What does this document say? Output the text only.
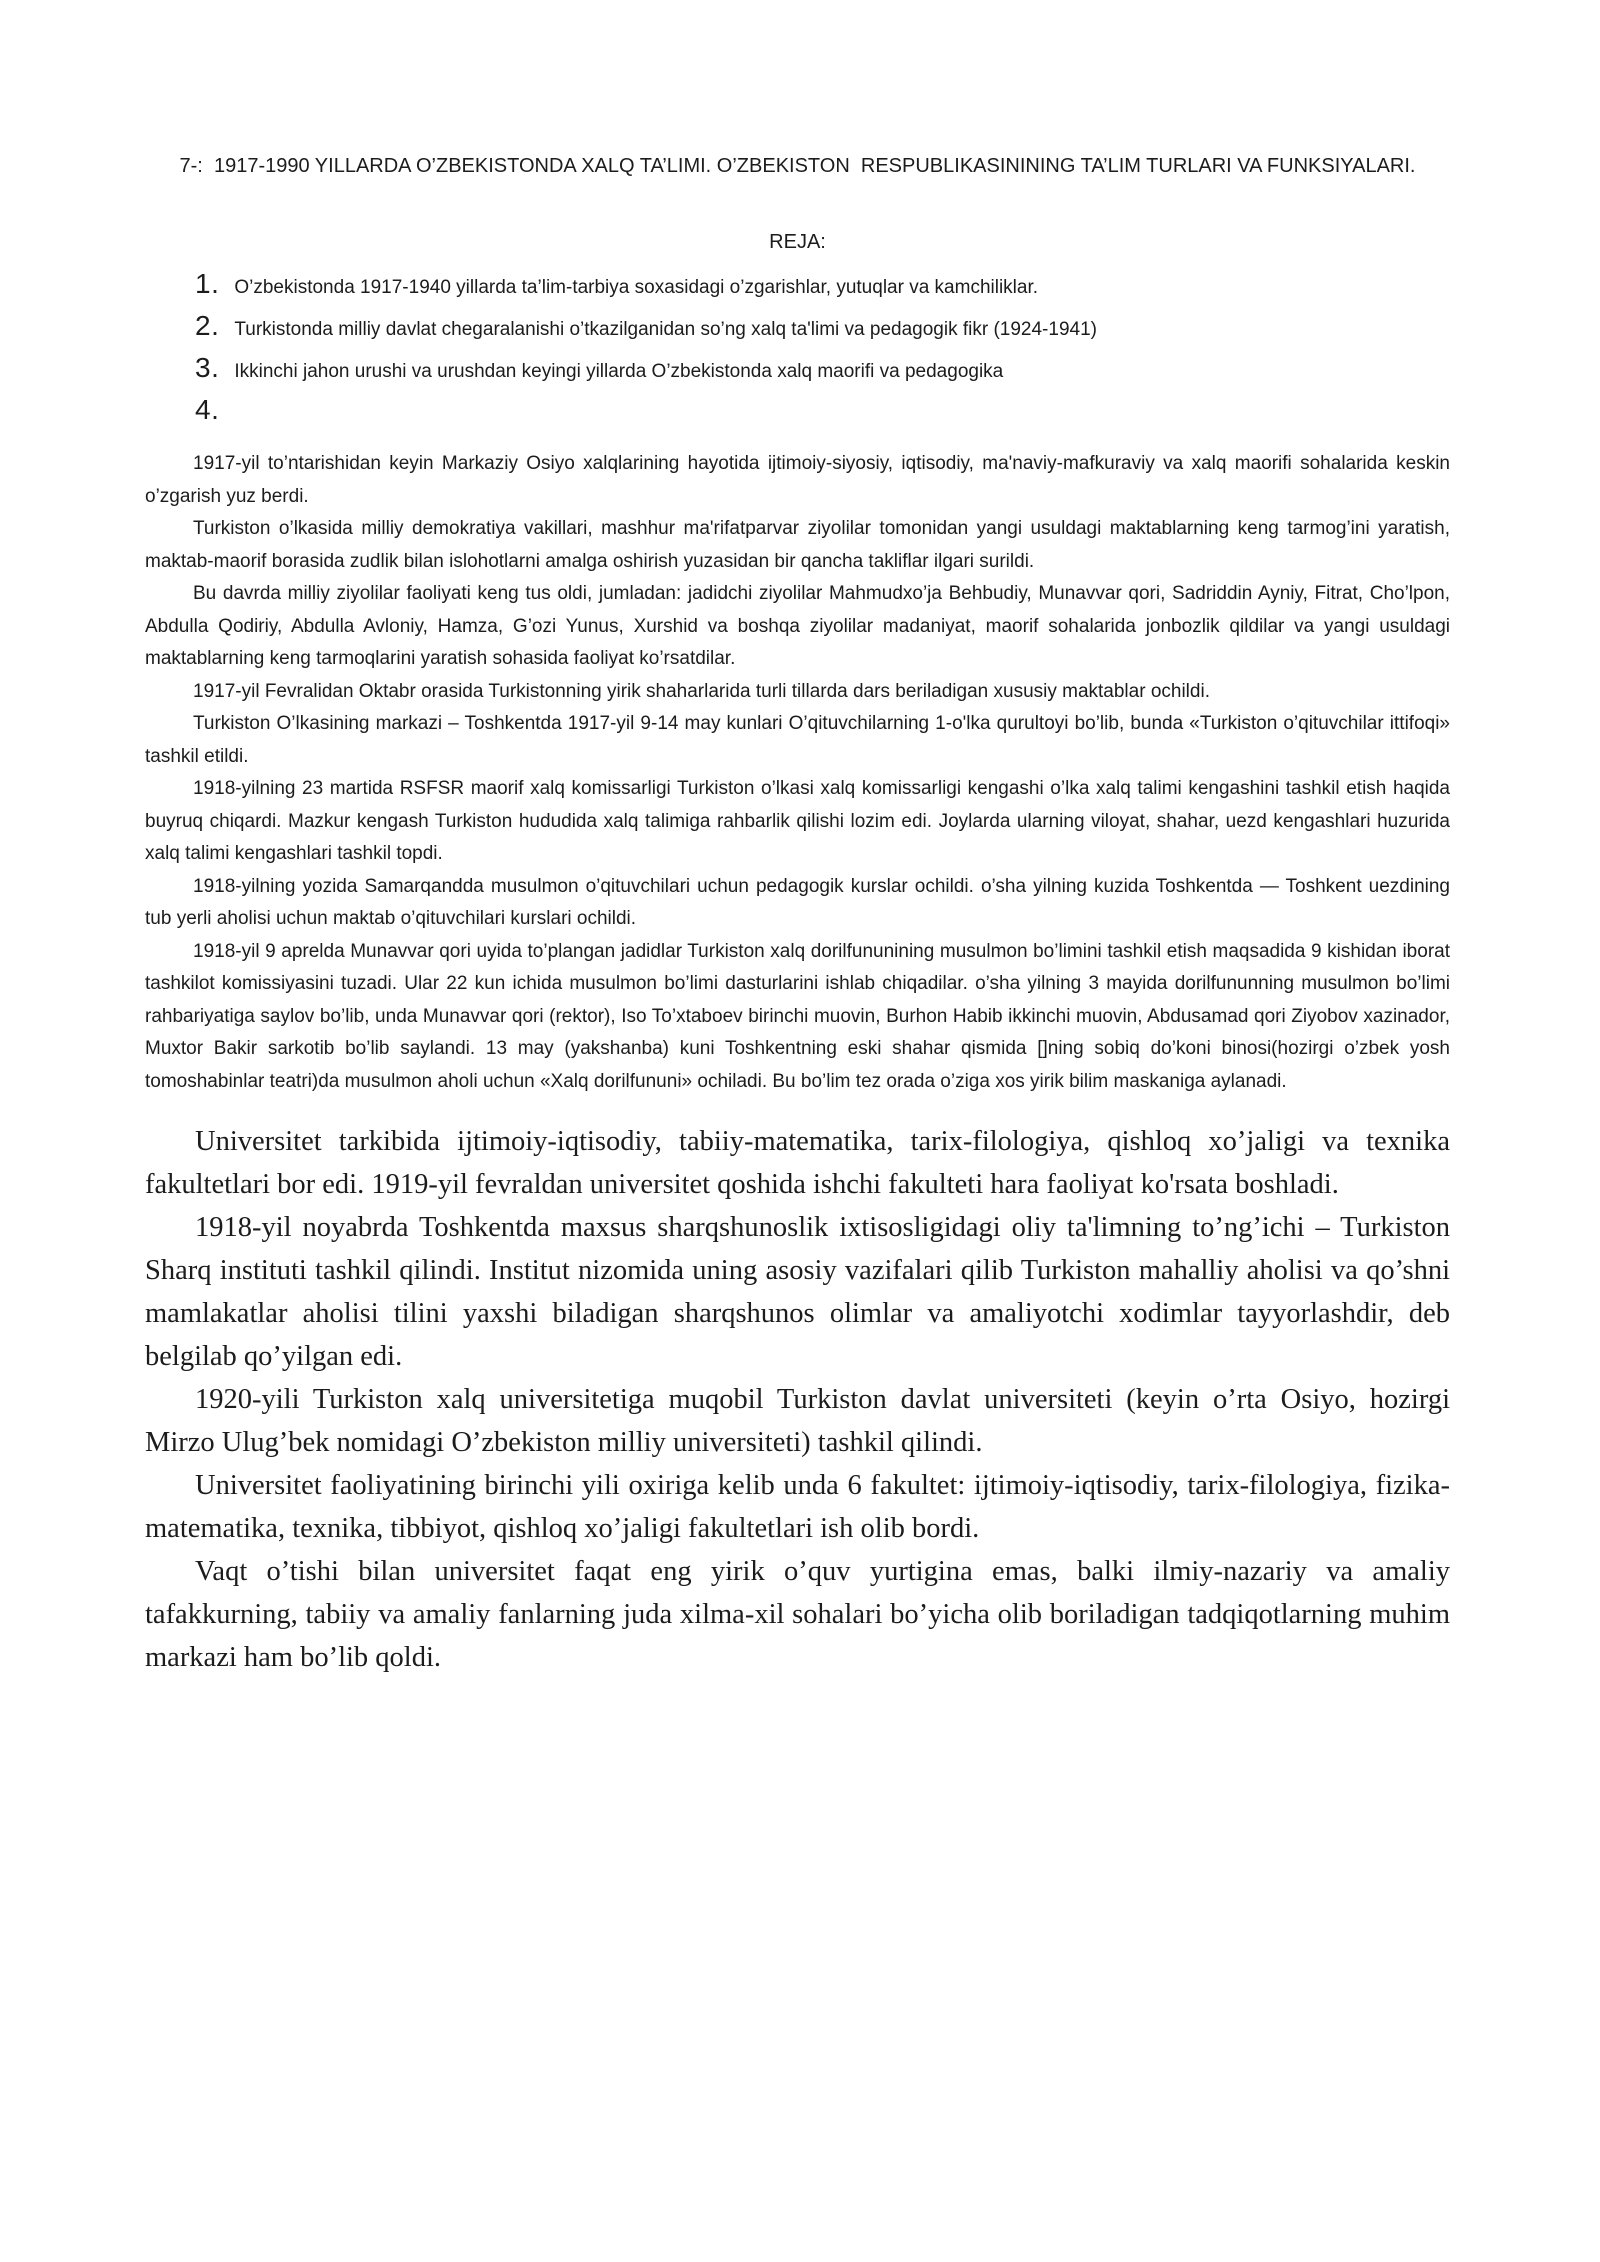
7-:  1917-1990 YILLARDA O’ZBEKISTONDA XALQ TA’LIMI. O’ZBEKISTON  RESPUBLIKASININING TA’LIM TURLARI VA FUNKSIYALARI.
REJA:
1. O’zbekistonda 1917-1940 yillarda ta’lim-tarbiya soxasidagi o’zgarishlar, yutuqlar va kamchiliklar.
2. Turkistonda milliy davlat chegaralanishi o’tkazilganidan so’ng xalq ta'limi va pedagogik fikr (1924-1941)
3. Ikkinchi jahon urushi va urushdan keyingi yillarda O’zbekistonda xalq maorifi va pedagogika
4.

1917-yil to’ntarishidan keyin Markaziy Osiyo xalqlarining hayotida ijtimoiy-siyosiy, iqtisodiy, ma'naviy-mafkuraviy va xalq maorifi sohalarida keskin o’zgarish yuz berdi.

Turkiston o’lkasida milliy demokratiya vakillari, mashhur ma'rifatparvar ziyolilar tomonidan yangi usuldagi maktablarning keng tarmog’ini yaratish, maktab-maorif borasida zudlik bilan islohotlarni amalga oshirish yuzasidan bir qancha takliflar ilgari surildi.

Bu davrda milliy ziyolilar faoliyati keng tus oldi, jumladan: jadidchi ziyolilar Mahmudxo’ja Behbudiy, Munavvar qori, Sadriddin Ayniy, Fitrat, Cho’lpon, Abdulla Qodiriy, Abdulla Avloniy, Hamza, G’ozi Yunus, Xurshid va boshqa ziyolilar madaniyat, maorif sohalarida jonbozlik qildilar va yangi usuldagi maktablarning keng tarmoqlarini yaratish sohasida faoliyat ko’rsatdilar.

1917-yil Fevralidan Oktabr orasida Turkistonning yirik shaharlarida turli tillarda dars beriladigan xususiy maktablar ochildi.

Turkiston O’lkasining markazi – Toshkentda 1917-yil 9-14 may kunlari O’qituvchilarning 1-o'lka qurultoyi bo’lib, bunda «Turkiston o’qituvchilar ittifoqi» tashkil etildi.

1918-yilning 23 martida RSFSR maorif xalq komissarligi Turkiston o’lkasi xalq komissarligi kengashi o’lka xalq talimi kengashini tashkil etish haqida buyruq chiqardi. Mazkur kengash Turkiston hududida xalq talimiga rahbarlik qilishi lozim edi. Joylarda ularning viloyat, shahar, uezd kengashlari huzurida xalq talimi kengashlari tashkil topdi.

1918-yilning yozida Samarqandda musulmon o’qituvchilari uchun pedagogik kurslar ochildi. o’sha yilning kuzida Toshkentda — Toshkent uezdining tub yerli aholisi uchun maktab o’qituvchilari kurslari ochildi.

1918-yil 9 aprelda Munavvar qori uyida to’plangan jadidlar Turkiston xalq dorilfununining musulmon bo’limini tashkil etish maqsadida 9 kishidan iborat tashkilot komissiyasini tuzadi. Ular 22 kun ichida musulmon bo’limi dasturlarini ishlab chiqadilar. o’sha yilning 3 mayida dorilfununning musulmon bo’limi rahbariyatiga saylov bo’lib, unda Munavvar qori (rektor), Iso To’xtaboev birinchi muovin, Burhon Habib ikkinchi muovin, Abdusamad qori Ziyobov xazinador, Muxtor Bakir sarkotib bo’lib saylandi. 13 may (yakshanba) kuni Toshkentning eski shahar qismida []ning sobiq do’koni binosi(hozirgi o’zbek yosh tomoshabinlar teatri)da musulmon aholi uchun «Xalq dorilfununi» ochiladi. Bu bo’lim tez orada o’ziga xos yirik bilim maskaniga aylanadi.

Universitet tarkibida ijtimoiy-iqtisodiy, tabiiy-matematika, tarix-filologiya, qishloq xo’jaligi va texnika fakultetlari bor edi. 1919-yil fevraldan universitet qoshida ishchi fakulteti hara faoliyat ko'rsata boshladi.

1918-yil noyabrda Toshkentda maxsus sharqshunoslik ixtisosligidagi oliy ta'limning to’ng’ichi – Turkiston Sharq instituti tashkil qilindi. Institut nizomida uning asosiy vazifalari qilib Turkiston mahalliy aholisi va qo’shni mamlakatlar aholisi tilini yaxshi biladigan sharqshunos olimlar va amaliyotchi xodimlar tayyorlashdir, deb belgilab qo’yilgan edi.

1920-yili Turkiston xalq universitetiga muqobil Turkiston davlat universiteti (keyin o’rta Osiyo, hozirgi Mirzo Ulug’bek nomidagi O’zbekiston milliy universiteti) tashkil qilindi.

Universitet faoliyatining birinchi yili oxiriga kelib unda 6 fakultet: ijtimoiy-iqtisodiy, tarix-filologiya, fizika-matematika, texnika, tibbiyot, qishloq xo’jaligi fakultetlari ish olib bordi.

Vaqt o’tishi bilan universitet faqat eng yirik o’quv yurtigina emas, balki ilmiy-nazariy va amaliy tafakkurning, tabiiy va amaliy fanlarning juda xilma-xil sohalari bo’yicha olib boriladigan tadqiqotlarning muhim markazi ham bo’lib qoldi.
